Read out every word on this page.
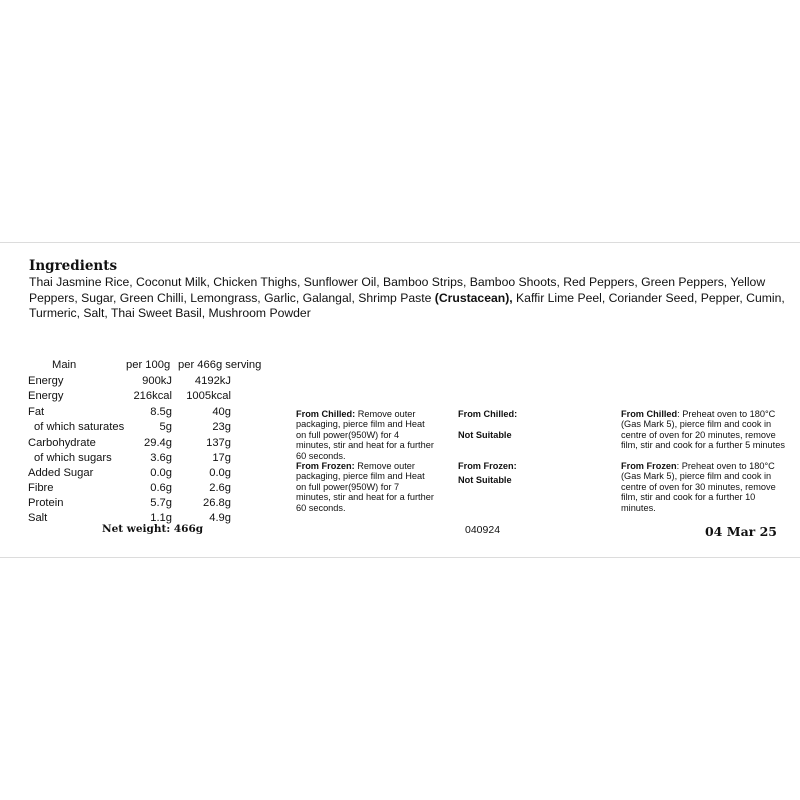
Ingredients
Thai Jasmine Rice, Coconut Milk, Chicken Thighs, Sunflower Oil, Bamboo Strips, Bamboo Shoots, Red Peppers, Green Peppers, Yellow Peppers, Sugar, Green Chilli, Lemongrass, Garlic, Galangal, Shrimp Paste (Crustacean), Kaffir Lime Peel, Coriander Seed, Pepper, Cumin, Turmeric, Salt, Thai Sweet Basil, Mushroom Powder
Main	per 100g per 466g serving
Energy	900kJ 4192kJ
Energy	216kcal 1005kcal
Fat	8.5g	40g
of which saturates	5g	23g
Carbohydrate	29.4g	137g
of which sugars	3.6g	17g
Added Sugar	0.0g	0.0g
Fibre	0.6g	2.6g
Protein	5.7g	26.8g
Salt	1.1g	4.9g
Net weight: 466g
From Chilled: Remove outer packaging, pierce film and Heat on full power(950W) for 4 minutes, stir and heat for a further 60 seconds.
From Frozen: Remove outer packaging, pierce film and Heat on full power(950W) for 7 minutes, stir and heat for a further 60 seconds.
From Chilled:
Not Suitable
From Frozen:
Not Suitable
From Chilled: Preheat oven to 180°C (Gas Mark 5), pierce film and cook in centre of oven for 20 minutes, remove film, stir and cook for a further 5 minutes
From Frozen: Preheat oven to 180°C (Gas Mark 5), pierce film and cook in centre of oven for 30 minutes, remove film, stir and cook for a further 10 minutes.
040924	04 Mar 25
